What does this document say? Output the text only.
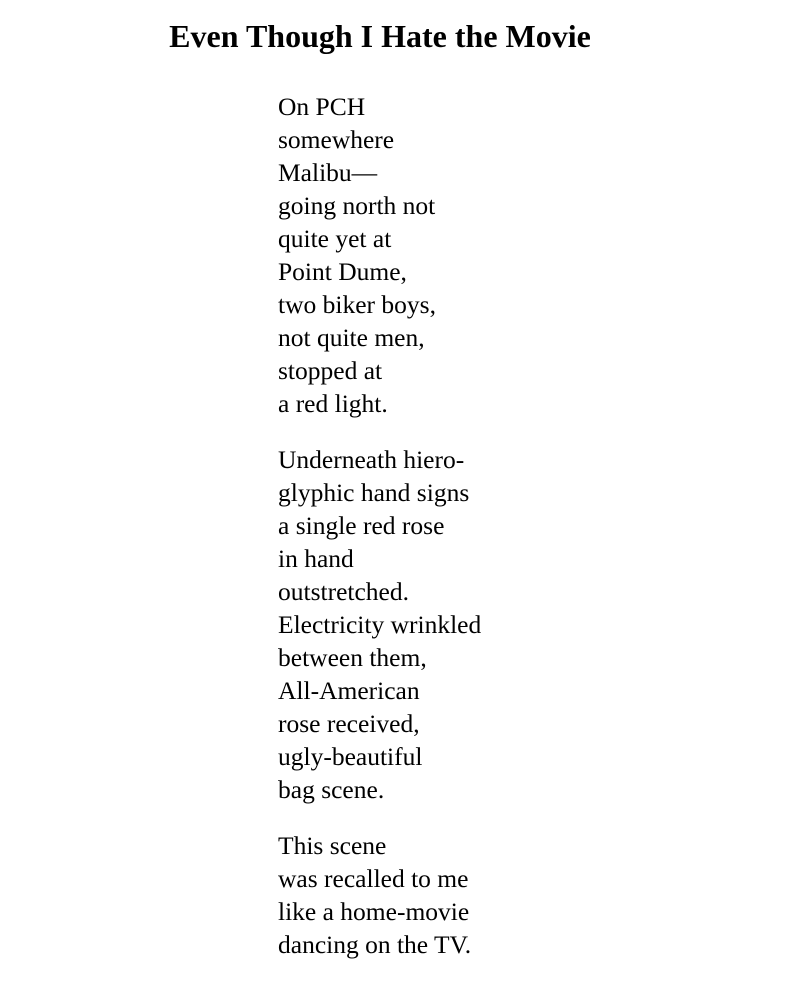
Even Though I Hate the Movie
On PCH
somewhere
Malibu—
going north not
quite yet at
Point Dume,
two biker boys,
not quite men,
stopped at
a red light.
Underneath hiero-
glyphic hand signs
a single red rose
in hand
outstretched.
Electricity wrinkled
between them,
All-American
rose received,
ugly-beautiful
bag scene.
This scene
was recalled to me
like a home-movie
dancing on the TV.
